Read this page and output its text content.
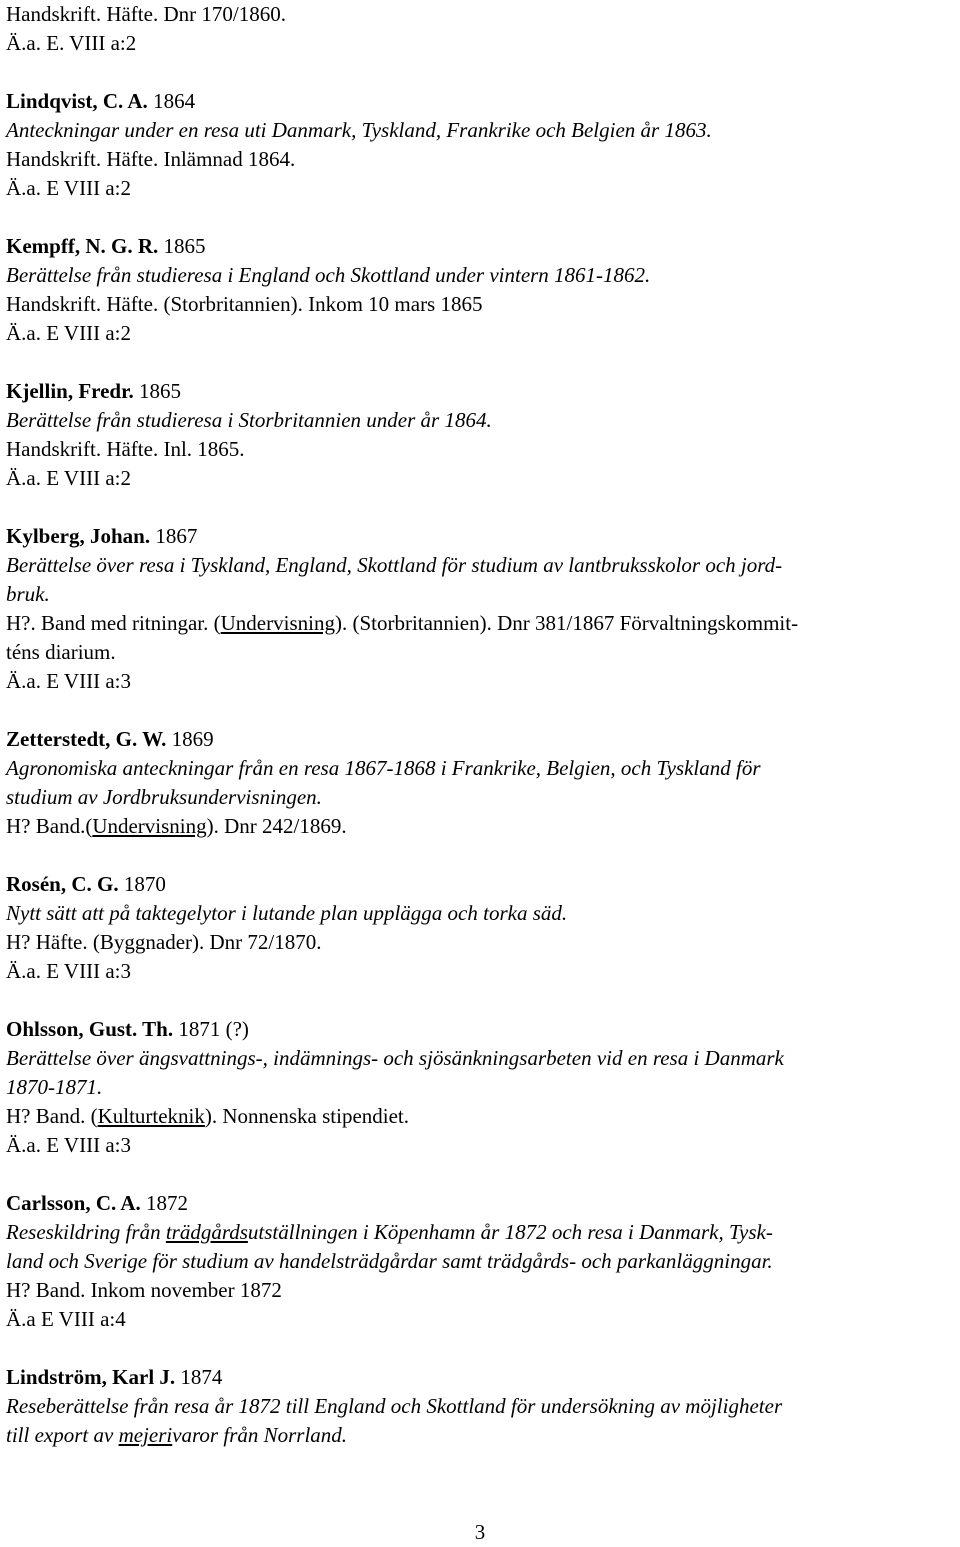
Handskrift. Häfte. Dnr 170/1860.
Ä.a. E. VIII a:2
Lindqvist, C. A. 1864
Anteckningar under en resa uti Danmark, Tyskland, Frankrike och Belgien år 1863.
Handskrift. Häfte. Inlämnad 1864.
Ä.a. E VIII a:2
Kempff, N. G. R. 1865
Berättelse från studieresa i England och Skottland under vintern 1861-1862.
Handskrift. Häfte. (Storbritannien). Inkom 10 mars 1865
Ä.a. E VIII a:2
Kjellin, Fredr. 1865
Berättelse från studieresa i Storbritannien under år 1864.
Handskrift. Häfte. Inl. 1865.
Ä.a. E VIII a:2
Kylberg, Johan. 1867
Berättelse över resa i Tyskland, England, Skottland för studium av lantbruksskolor och jord-
bruk.
H?. Band med ritningar. (Undervisning). (Storbritannien). Dnr 381/1867 Förvaltningskommit-
téns diarium.
Ä.a. E VIII a:3
Zetterstedt, G. W. 1869
Agronomiska anteckningar från en resa 1867-1868 i Frankrike, Belgien, och Tyskland för
studium av Jordbruksundervisningen.
H? Band.(Undervisning). Dnr 242/1869.
Rosén, C. G. 1870
Nytt sätt att på taktegelytor i lutande plan upplägga och torka säd.
H? Häfte. (Byggnader). Dnr 72/1870.
Ä.a. E VIII a:3
Ohlsson, Gust. Th. 1871 (?)
Berättelse över ängsvattnings-, indämnings- och sjösänkningsarbeten vid en resa i Danmark
1870-1871.
H? Band. (Kulturteknik). Nonnenska stipendiet.
Ä.a. E VIII a:3
Carlsson, C. A. 1872
Reseskildring från trädgårdsutställningen i Köpenhamn år 1872 och resa i Danmark, Tysk-
land och Sverige för studium av handelsträdgårdar samt trädgårds- och parkanläggningar.
H? Band. Inkom november 1872
Ä.a E VIII a:4
Lindström, Karl J. 1874
Reseberättelse från resa år 1872 till England och Skottland för undersökning av möjligheter
till export av mejerivaror från Norrland.
3
